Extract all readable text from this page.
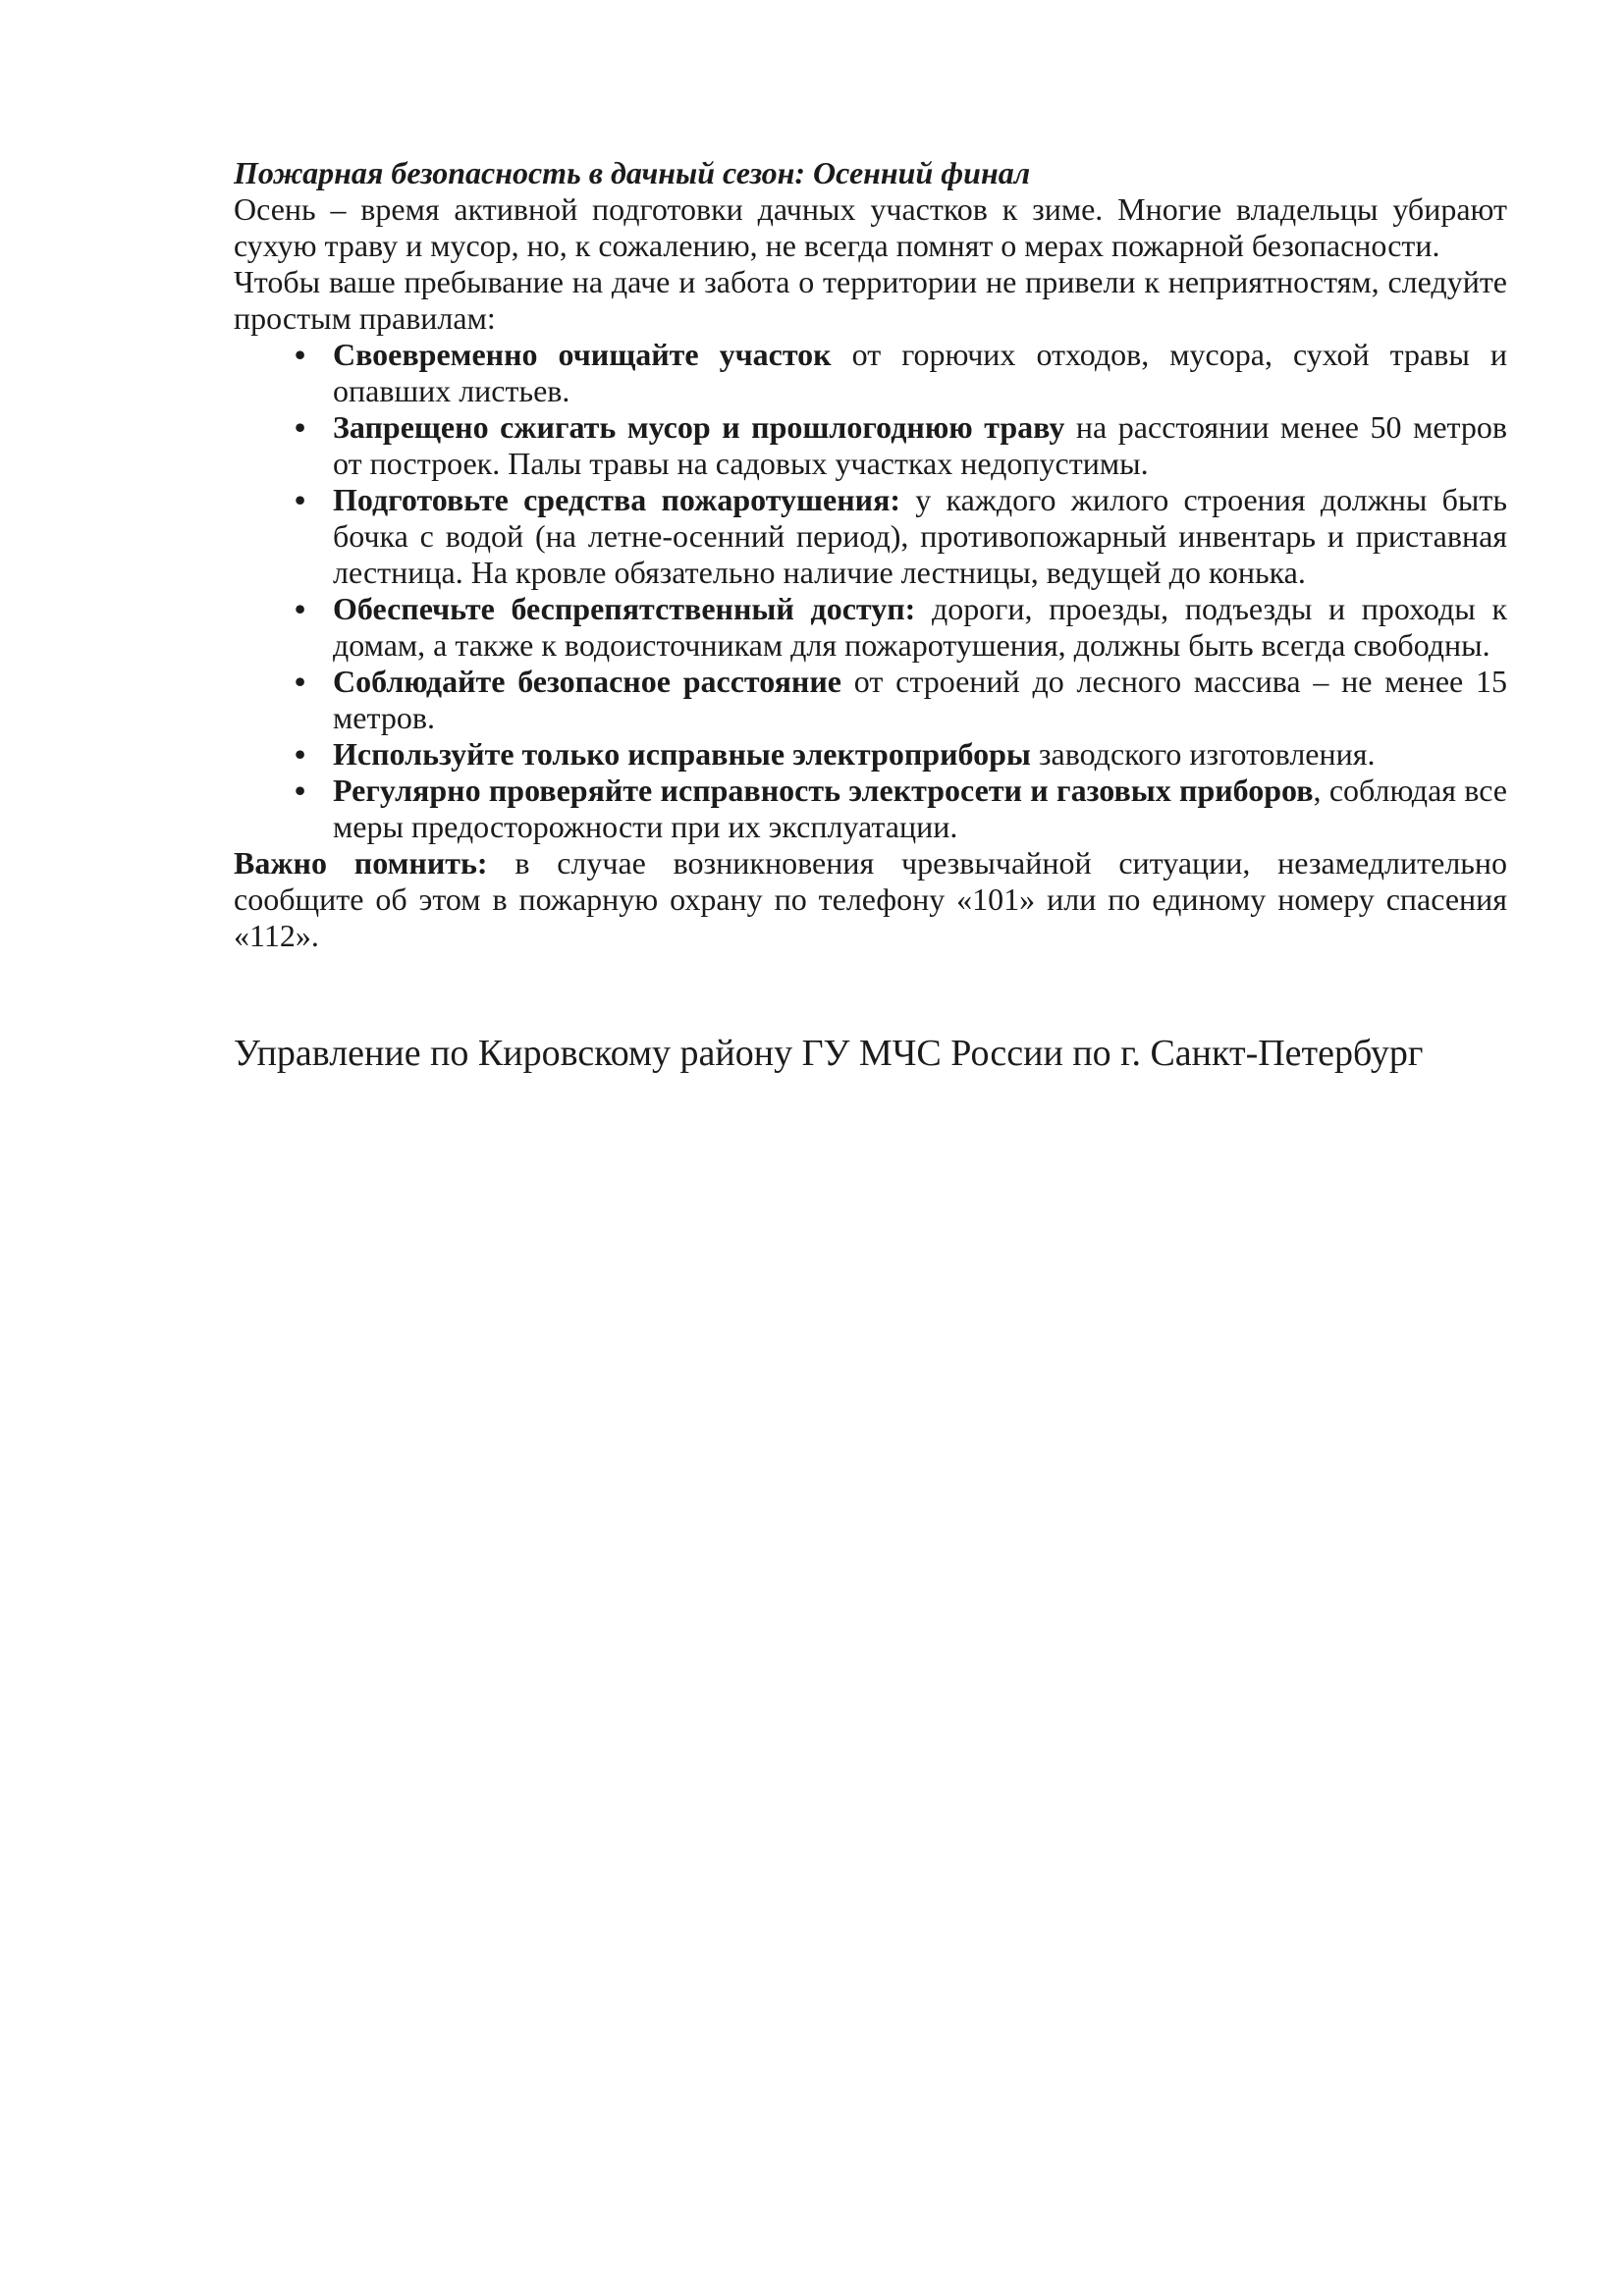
Пожарная безопасность в дачный сезон: Осенний финал

Осень – время активной подготовки дачных участков к зиме. Многие владельцы убирают сухую траву и мусор, но, к сожалению, не всегда помнят о мерах пожарной безопасности.

Чтобы ваше пребывание на даче и забота о территории не привели к неприятностям, следуйте простым правилам:

• Своевременно очищайте участок от горючих отходов, мусора, сухой травы и опавших листьев.
• Запрещено сжигать мусор и прошлогоднюю траву на расстоянии менее 50 метров от построек. Палы травы на садовых участках недопустимы.
• Подготовьте средства пожаротушения: у каждого жилого строения должны быть бочка с водой (на летне-осенний период), противопожарный инвентарь и приставная лестница. На кровле обязательно наличие лестницы, ведущей до конька.
• Обеспечьте беспрепятственный доступ: дороги, проезды, подъезды и проходы к домам, а также к водоисточникам для пожаротушения, должны быть всегда свободны.
• Соблюдайте безопасное расстояние от строений до лесного массива – не менее 15 метров.
• Используйте только исправные электроприборы заводского изготовления.
• Регулярно проверяйте исправность электросети и газовых приборов, соблюдая все меры предосторожности при их эксплуатации.

Важно помнить: в случае возникновения чрезвычайной ситуации, незамедлительно сообщите об этом в пожарную охрану по телефону «101» или по единому номеру спасения «112».

Управление по Кировскому району ГУ МЧС России по г. Санкт-Петербург
